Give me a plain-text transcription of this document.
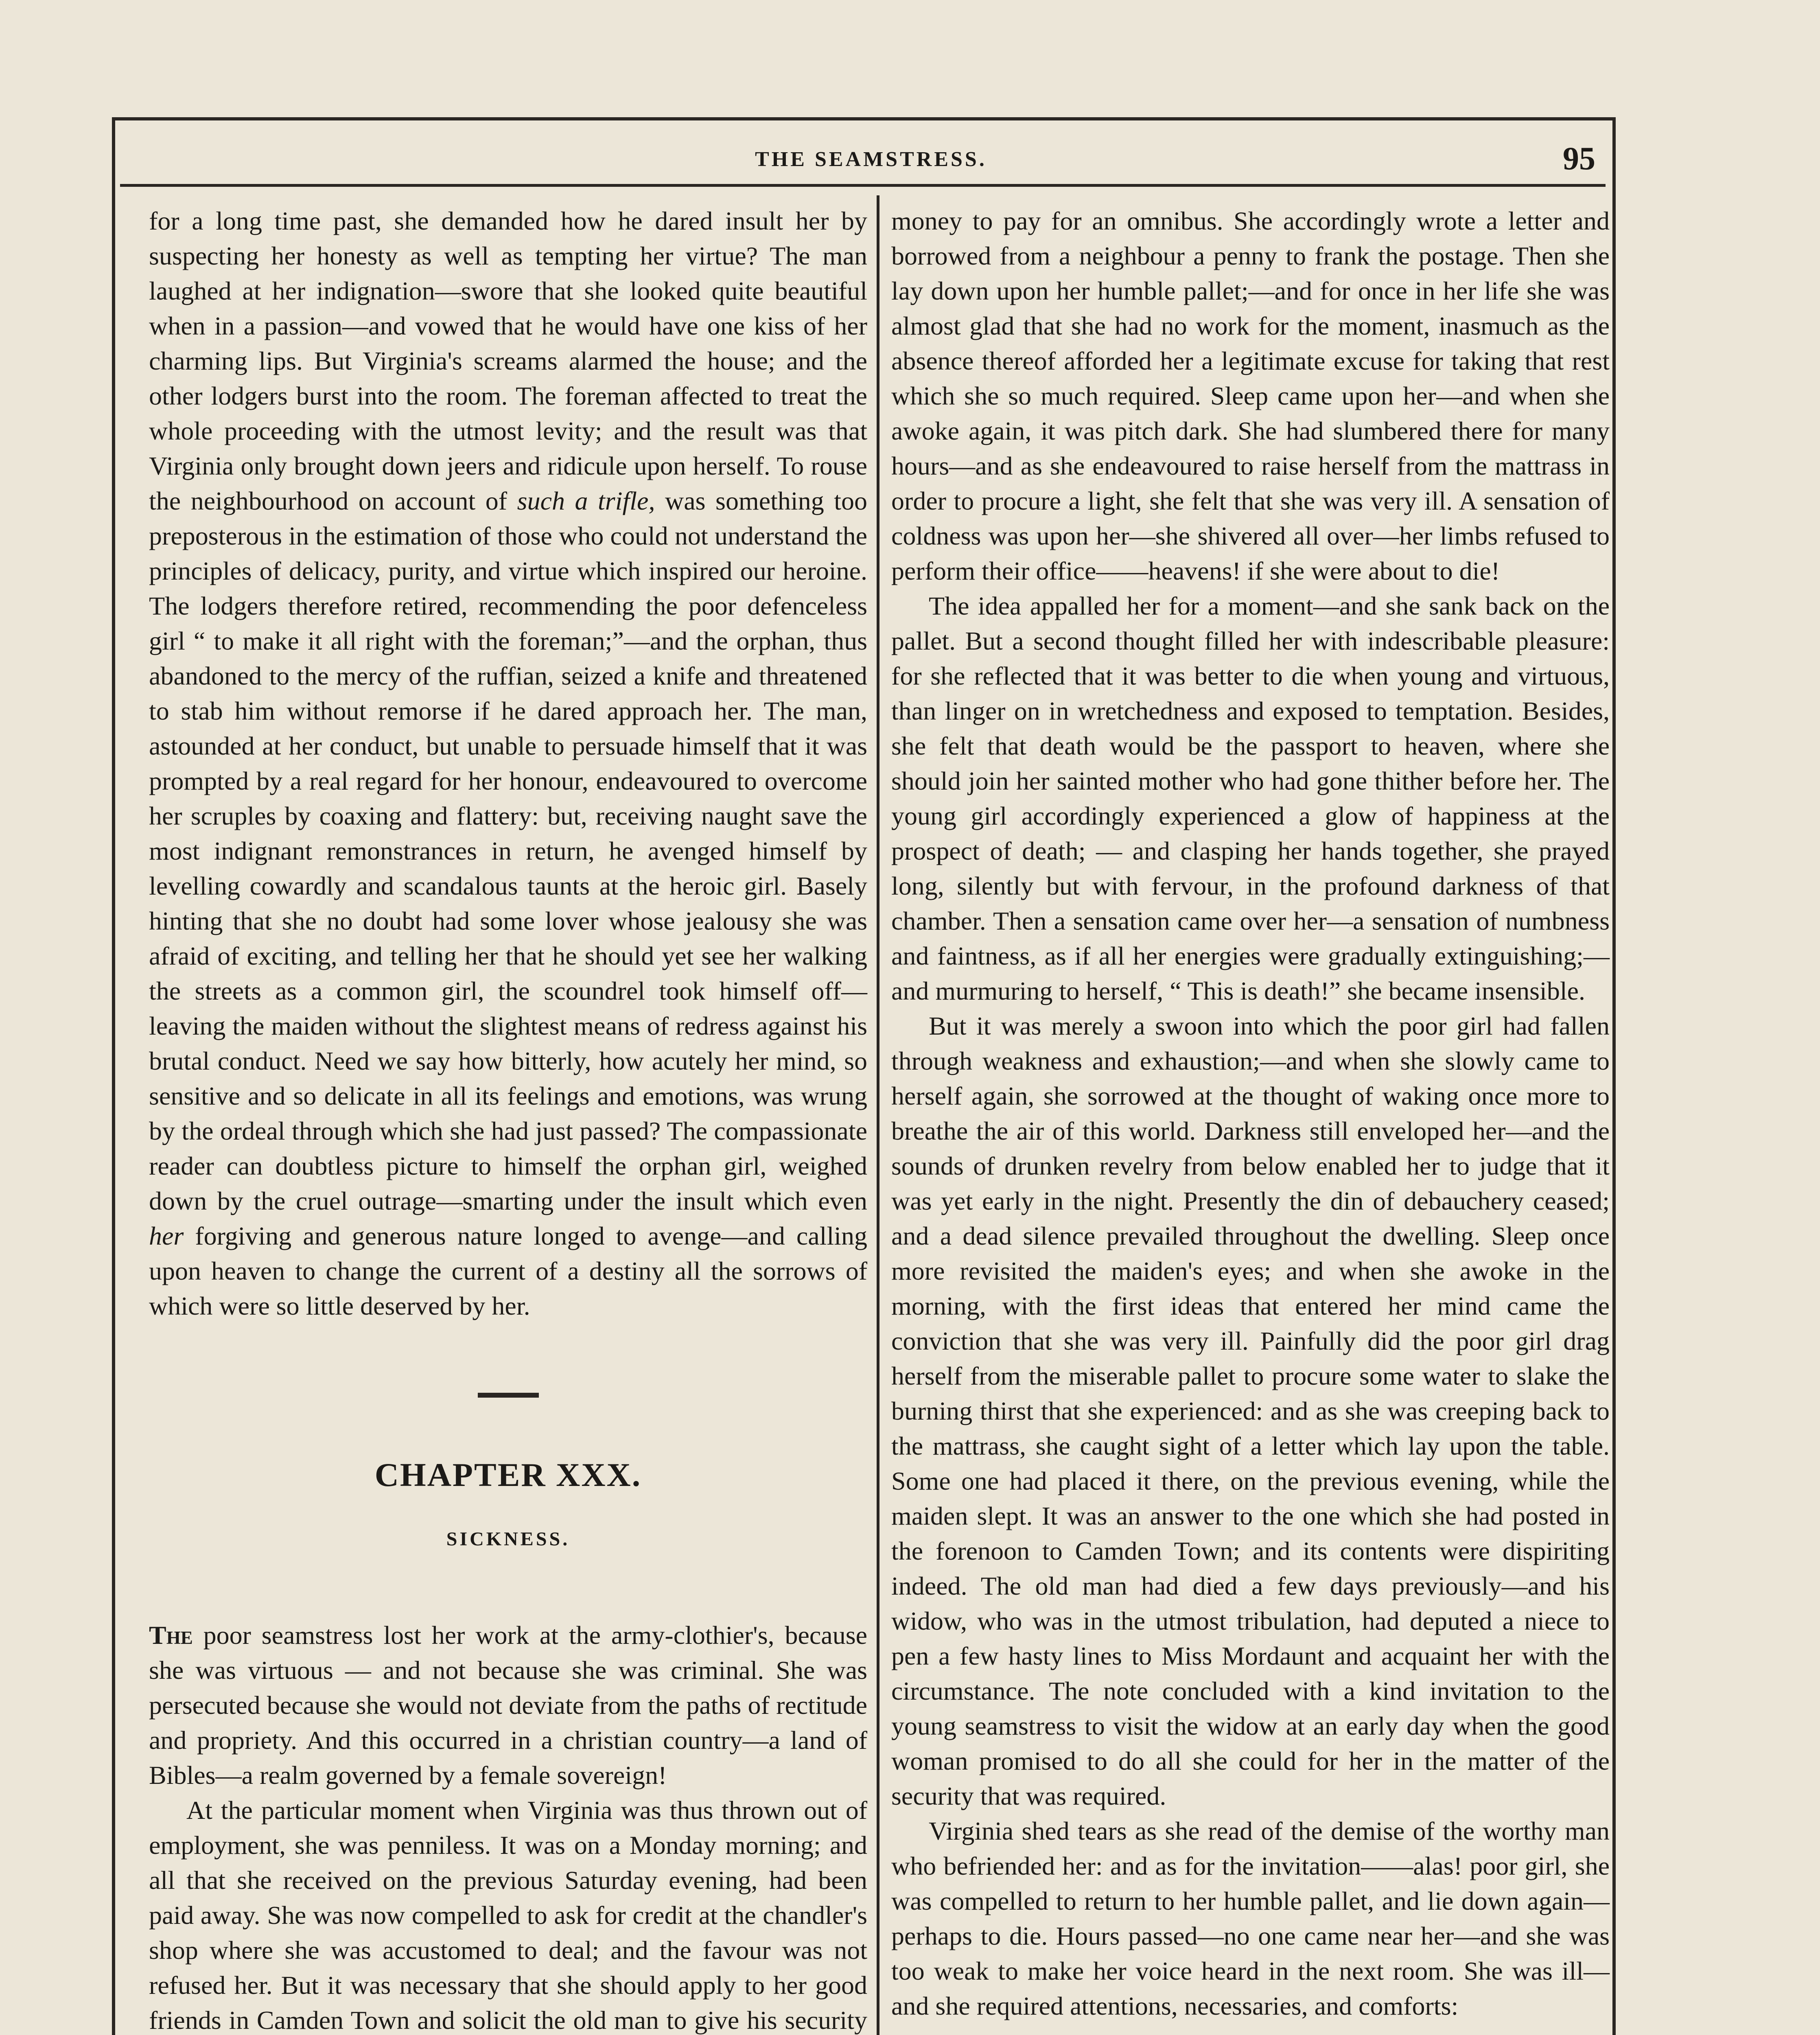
THE SEAMSTRESS.	95

for a long time past, she demanded how he dared insult her by suspecting her honesty as well as tempting her virtue? The man laughed at her indignation—swore that she looked quite beautiful when in a passion—and vowed that he would have one kiss of her charming lips. But Virginia's screams alarmed the house; and the other lodgers burst into the room. The foreman affected to treat the whole proceeding with the utmost levity; and the result was that Virginia only brought down jeers and ridicule upon herself. To rouse the neighbourhood on account of such a trifle, was something too preposterous in the estimation of those who could not understand the principles of delicacy, purity, and virtue which inspired our heroine. The lodgers therefore retired, recommending the poor defenceless girl “ to make it all right with the foreman;”—and the orphan, thus abandoned to the mercy of the ruffian, seized a knife and threatened to stab him without remorse if he dared approach her. The man, astounded at her conduct, but unable to persuade himself that it was prompted by a real regard for her honour, endeavoured to overcome her scruples by coaxing and flattery: but, receiving naught save the most indignant remonstrances in return, he avenged himself by levelling cowardly and scandalous taunts at the heroic girl. Basely hinting that she no doubt had some lover whose jealousy she was afraid of exciting, and telling her that he should yet see her walking the streets as a common girl, the scoundrel took himself off—leaving the maiden without the slightest means of redress against his brutal conduct. Need we say how bitterly, how acutely her mind, so sensitive and so delicate in all its feelings and emotions, was wrung by the ordeal through which she had just passed? The compassionate reader can doubtless picture to himself the orphan girl, weighed down by the cruel outrage—smarting under the insult which even her forgiving and generous nature longed to avenge—and calling upon heaven to change the current of a destiny all the sorrows of which were so little deserved by her.

CHAPTER XXX.
SICKNESS.

The poor seamstress lost her work at the army-clothier's, because she was virtuous — and not because she was criminal. She was persecuted because she would not deviate from the paths of rectitude and propriety. And this occurred in a christian country—a land of Bibles—a realm governed by a female sovereign!

At the particular moment when Virginia was thus thrown out of employment, she was penniless. It was on a Monday morning; and all that she received on the previous Saturday evening, had been paid away. She was now compelled to ask for credit at the chandler's shop where she was accustomed to deal; and the favour was not refused her. But it was necessary that she should apply to her good friends in Camden Town and solicit the old man to give his security

money to pay for an omnibus. She accordingly wrote a letter and borrowed from a neighbour a penny to frank the postage. Then she lay down upon her humble pallet;—and for once in her life she was almost glad that she had no work for the moment, inasmuch as the absence thereof afforded her a legitimate excuse for taking that rest which she so much required. Sleep came upon her—and when she awoke again, it was pitch dark. She had slumbered there for many hours—and as she endeavoured to raise herself from the mattrass in order to procure a light, she felt that she was very ill. A sensation of coldness was upon her—she shivered all over—her limbs refused to perform their office——heavens! if she were about to die!

The idea appalled her for a moment—and she sank back on the pallet. But a second thought filled her with indescribable pleasure: for she reflected that it was better to die when young and virtuous, than linger on in wretchedness and exposed to temptation. Besides, she felt that death would be the passport to heaven, where she should join her sainted mother who had gone thither before her. The young girl accordingly experienced a glow of happiness at the prospect of death; — and clasping her hands together, she prayed long, silently but with fervour, in the profound darkness of that chamber. Then a sensation came over her—a sensation of numbness and faintness, as if all her energies were gradually extinguishing;—and murmuring to herself, “ This is death!” she became insensible.

But it was merely a swoon into which the poor girl had fallen through weakness and exhaustion;—and when she slowly came to herself again, she sorrowed at the thought of waking once more to breathe the air of this world. Darkness still enveloped her—and the sounds of drunken revelry from below enabled her to judge that it was yet early in the night. Presently the din of debauchery ceased; and a dead silence prevailed throughout the dwelling. Sleep once more revisited the maiden's eyes; and when she awoke in the morning, with the first ideas that entered her mind came the conviction that she was very ill. Painfully did the poor girl drag herself from the miserable pallet to procure some water to slake the burning thirst that she experienced: and as she was creeping back to the mattrass, she caught sight of a letter which lay upon the table. Some one had placed it there, on the previous evening, while the maiden slept. It was an answer to the one which she had posted in the forenoon to Camden Town; and its contents were dispiriting indeed. The old man had died a few days previously—and his widow, who was in the utmost tribulation, had deputed a niece to pen a few hasty lines to Miss Mordaunt and acquaint her with the circumstance. The note concluded with a kind invitation to the young seamstress to visit the widow at an early day when the good woman promised to do all she could for her in the matter of the security that was required.

Virginia shed tears as she read of the demise of the worthy man who befriended her: and as for the invitation——alas! poor girl, she was compelled to return to her humble pallet, and lie down again—perhaps to die. Hours passed—no one came near her—and she was too weak to make her voice heard in the next room. She was ill—and she required attentions, necessaries, and comforts:
